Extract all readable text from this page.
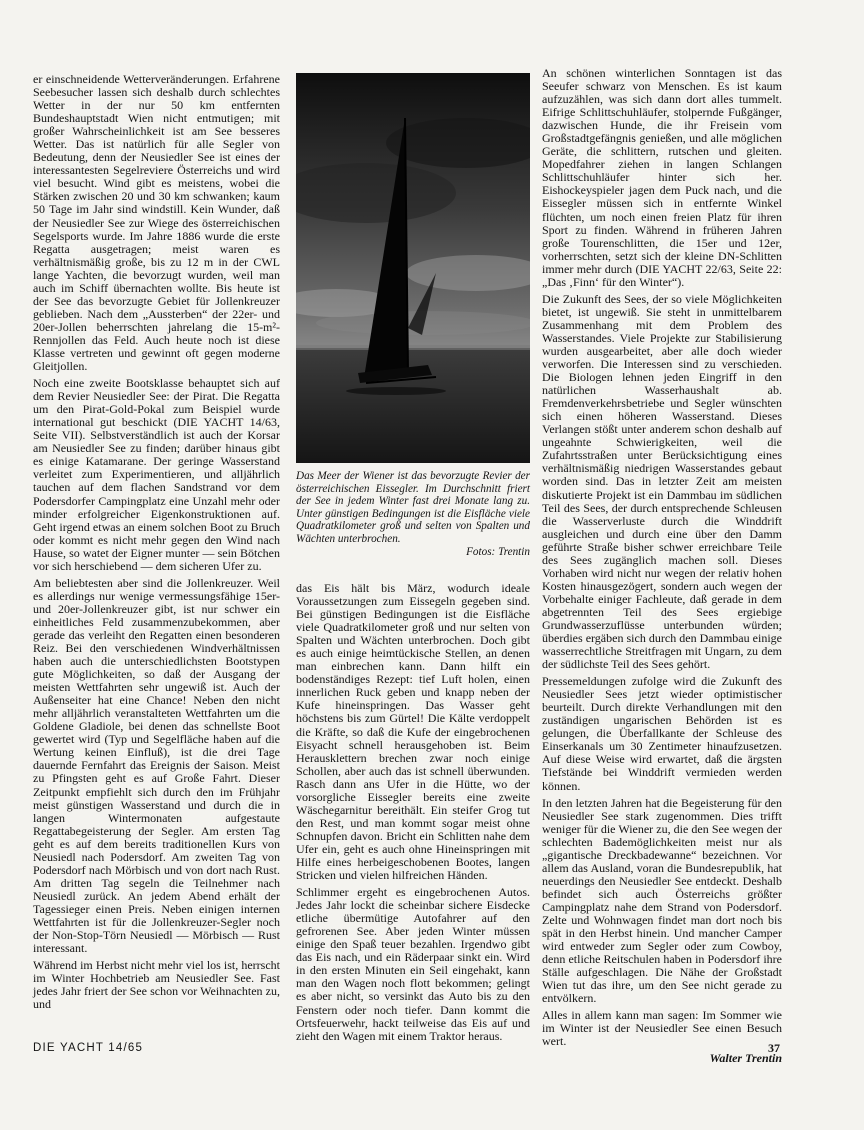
er einschneidende Wetterveränderungen. Erfahrene Seebesucher lassen sich deshalb durch schlechtes Wetter in der nur 50 km entfernten Bundeshauptstadt Wien nicht entmutigen; mit großer Wahrscheinlichkeit ist am See besseres Wetter. Das ist natürlich für alle Segler von Bedeutung, denn der Neusiedler See ist eines der interessantesten Segelreviere Österreichs und wird viel besucht. Wind gibt es meistens, wobei die Stärken zwischen 20 und 30 km schwanken; kaum 50 Tage im Jahr sind windstill. Kein Wunder, daß der Neusiedler See zur Wiege des österreichischen Segelsports wurde. Im Jahre 1886 wurde die erste Regatta ausgetragen; meist waren es verhältnismäßig große, bis zu 12 m in der CWL lange Yachten, die bevorzugt wurden, weil man auch im Schiff übernachten wollte. Bis heute ist der See das bevorzugte Gebiet für Jollenkreuzer geblieben. Nach dem „Aussterben“ der 22er- und 20er-Jollen beherrschten jahrelang die 15-m²-Rennjollen das Feld. Auch heute noch ist diese Klasse vertreten und gewinnt oft gegen moderne Gleitjollen.

Noch eine zweite Bootsklasse behauptet sich auf dem Revier Neusiedler See: der Pirat. Die Regatta um den Pirat-Gold-Pokal zum Beispiel wurde international gut beschickt (DIE YACHT 14/63, Seite VII). Selbstverständlich ist auch der Korsar am Neusiedler See zu finden; darüber hinaus gibt es einige Katamarane. Der geringe Wasserstand verleitet zum Experimentieren, und alljährlich tauchen auf dem flachen Sandstrand vor dem Podersdorfer Campingplatz eine Unzahl mehr oder minder erfolgreicher Eigenkonstruktionen auf. Geht irgend etwas an einem solchen Boot zu Bruch oder kommt es nicht mehr gegen den Wind nach Hause, so watet der Eigner munter — sein Bötchen vor sich herschiebend — dem sicheren Ufer zu.

Am beliebtesten aber sind die Jollenkreuzer. Weil es allerdings nur wenige vermessungsfähige 15er- und 20er-Jollenkreuzer gibt, ist nur schwer ein einheitliches Feld zusammenzubekommen, aber gerade das verleiht den Regatten einen besonderen Reiz. Bei den verschiedenen Windverhältnissen haben auch die unterschiedlichsten Bootstypen gute Möglichkeiten, so daß der Ausgang der meisten Wettfahrten sehr ungewiß ist. Auch der Außenseiter hat eine Chance! Neben den nicht mehr alljährlich veranstalteten Wettfahrten um die Goldene Gladiole, bei denen das schnellste Boot gewertet wird (Typ und Segelfläche haben auf die Wertung keinen Einfluß), ist die drei Tage dauernde Fernfahrt das Ereignis der Saison. Meist zu Pfingsten geht es auf Große Fahrt. Dieser Zeitpunkt empfiehlt sich durch den im Frühjahr meist günstigen Wasserstand und durch die in langen Wintermonaten aufgestaute Regattabegeisterung der Segler. Am ersten Tag geht es auf dem bereits traditionellen Kurs von Neusiedl nach Podersdorf. Am zweiten Tag von Podersdorf nach Mörbisch und von dort nach Rust. Am dritten Tag segeln die Teilnehmer nach Neusiedl zurück. An jedem Abend erhält der Tagessieger einen Preis. Neben einigen internen Wettfahrten ist für die Jollenkreuzer-Segler noch der Non-Stop-Törn Neusiedl — Mörbisch — Rust interessant.

Während im Herbst nicht mehr viel los ist, herrscht im Winter Hochbetrieb am Neusiedler See. Fast jedes Jahr friert der See schon vor Weihnachten zu, und

Das Meer der Wiener ist das bevorzugte Revier der österreichischen Eissegler. Im Durchschnitt friert der See in jedem Winter fast drei Monate lang zu. Unter günstigen Bedingungen ist die Eisfläche viele Quadratkilometer groß und selten von Spalten und Wächten unterbrochen.
Fotos: Trentin

das Eis hält bis März, wodurch ideale Voraussetzungen zum Eissegeln gegeben sind. Bei günstigen Bedingungen ist die Eisfläche viele Quadratkilometer groß und nur selten von Spalten und Wächten unterbrochen. Doch gibt es auch einige heimtückische Stellen, an denen man einbrechen kann. Dann hilft ein bodenständiges Rezept: tief Luft holen, einen innerlichen Ruck geben und knapp neben der Kufe hineinspringen. Das Wasser geht höchstens bis zum Gürtel! Die Kälte verdoppelt die Kräfte, so daß die Kufe der eingebrochenen Eisyacht schnell herausgehoben ist. Beim Herausklettern brechen zwar noch einige Schollen, aber auch das ist schnell überwunden. Rasch dann ans Ufer in die Hütte, wo der vorsorgliche Eissegler bereits eine zweite Wäschegarnitur bereithält. Ein steifer Grog tut den Rest, und man kommt sogar meist ohne Schnupfen davon. Bricht ein Schlitten nahe dem Ufer ein, geht es auch ohne Hineinspringen mit Hilfe eines herbeigeschobenen Bootes, langen Stricken und vielen hilfreichen Händen.

Schlimmer ergeht es eingebrochenen Autos. Jedes Jahr lockt die scheinbar sichere Eisdecke etliche übermütige Autofahrer auf den gefrorenen See. Aber jeden Winter müssen einige den Spaß teuer bezahlen. Irgendwo gibt das Eis nach, und ein Räderpaar sinkt ein. Wird in den ersten Minuten ein Seil eingehakt, kann man den Wagen noch flott bekommen; gelingt es aber nicht, so versinkt das Auto bis zu den Fenstern oder noch tiefer. Dann kommt die Ortsfeuerwehr, hackt teilweise das Eis auf und zieht den Wagen mit einem Traktor heraus.

An schönen winterlichen Sonntagen ist das Seeufer schwarz von Menschen. Es ist kaum aufzuzählen, was sich dann dort alles tummelt. Eifrige Schlittschuhläufer, stolpernde Fußgänger, dazwischen Hunde, die ihr Freisein vom Großstadtgefängnis genießen, und alle möglichen Geräte, die schlittern, rutschen und gleiten. Mopedfahrer ziehen in langen Schlangen Schlittschuhläufer hinter sich her. Eishockeyspieler jagen dem Puck nach, und die Eissegler müssen sich in entfernte Winkel flüchten, um noch einen freien Platz für ihren Sport zu finden. Während in früheren Jahren große Tourenschlitten, die 15er und 12er, vorherrschten, setzt sich der kleine DN-Schlitten immer mehr durch (DIE YACHT 22/63, Seite 22: „Das ‚Finn‘ für den Winter“).

Die Zukunft des Sees, der so viele Möglichkeiten bietet, ist ungewiß. Sie steht in unmittelbarem Zusammenhang mit dem Problem des Wasserstandes. Viele Projekte zur Stabilisierung wurden ausgearbeitet, aber alle doch wieder verworfen. Die Interessen sind zu verschieden. Die Biologen lehnen jeden Eingriff in den natürlichen Wasserhaushalt ab. Fremdenverkehrsbetriebe und Segler wünschten sich einen höheren Wasserstand. Dieses Verlangen stößt unter anderem schon deshalb auf ungeahnte Schwierigkeiten, weil die Zufahrtsstraßen unter Berücksichtigung eines verhältnismäßig niedrigen Wasserstandes gebaut worden sind. Das in letzter Zeit am meisten diskutierte Projekt ist ein Dammbau im südlichen Teil des Sees, der durch entsprechende Schleusen die Wasserverluste durch die Winddrift ausgleichen und durch eine über den Damm geführte Straße bisher schwer erreichbare Teile des Sees zugänglich machen soll. Dieses Vorhaben wird nicht nur wegen der relativ hohen Kosten hinausgezögert, sondern auch wegen der Vorbehalte einiger Fachleute, daß gerade in dem abgetrennten Teil des Sees ergiebige Grundwasserzuflüsse unterbunden würden; überdies ergäben sich durch den Dammbau einige wasserrechtliche Streitfragen mit Ungarn, zu dem der südlichste Teil des Sees gehört.

Pressemeldungen zufolge wird die Zukunft des Neusiedler Sees jetzt wieder optimistischer beurteilt. Durch direkte Verhandlungen mit den zuständigen ungarischen Behörden ist es gelungen, die Überfallkante der Schleuse des Einserkanals um 30 Zentimeter hinaufzusetzen. Auf diese Weise wird erwartet, daß die ärgsten Tiefstände bei Winddrift vermieden werden können.

In den letzten Jahren hat die Begeisterung für den Neusiedler See stark zugenommen. Dies trifft weniger für die Wiener zu, die den See wegen der schlechten Bademöglichkeiten meist nur als „gigantische Dreckbadewanne“ bezeichnen. Vor allem das Ausland, voran die Bundesrepublik, hat neuerdings den Neusiedler See entdeckt. Deshalb befindet sich auch Österreichs größter Campingplatz nahe dem Strand von Podersdorf. Zelte und Wohnwagen findet man dort noch bis spät in den Herbst hinein. Und mancher Camper wird entweder zum Segler oder zum Cowboy, denn etliche Reitschulen haben in Podersdorf ihre Ställe aufgeschlagen. Die Nähe der Großstadt Wien tut das ihre, um den See nicht gerade zu entvölkern.

Alles in allem kann man sagen: Im Sommer wie im Winter ist der Neusiedler See einen Besuch wert.

Walter Trentin
DIE YACHT 14/65	37
